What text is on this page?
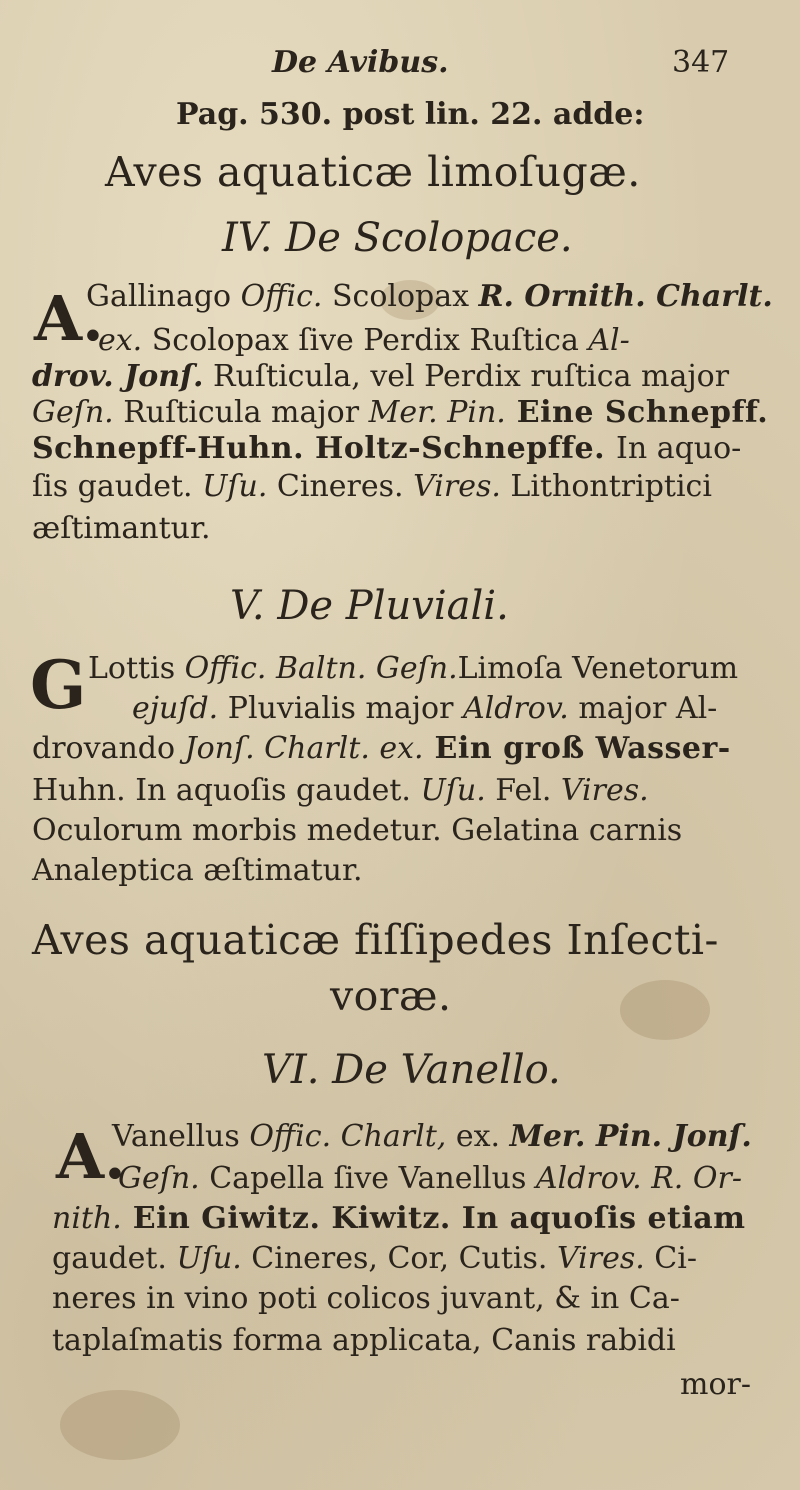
De Avibus.	347
Pag. 530. post lin. 22. adde:
Aves aquaticæ limoſugæ.
IV. De Scolopace.
A.
Gallinago Offic. Scolopax R. Ornith. Charlt.
ex. Scolopax ſive Perdix Ruſtica Al-
drov. Jonſ. Ruſticula, vel Perdix ruſtica major
Geſn. Ruſticula major Mer. Pin. Eine Schnepff.
Schnepff-Huhn. Holtz-Schnepffe. In aquo-
ſis gaudet. Uſu. Cineres. Vires. Lithontriptici
æſtimantur.
V. De Pluviali.
G Lottis Offic. Baltn. Geſn.Limoſa Venetorum
ejuſd. Pluvialis major Aldrov. major Al-
drovando Jonſ. Charlt. ex. Ein groß Wasser-
Huhn. In aquoſis gaudet. Uſu. Fel. Vires.
Oculorum morbis medetur. Gelatina carnis
Analeptica æſtimatur.
Aves aquaticæ fiſſipedes Inſecti-
voræ.
VI. De Vanello.
A.
Vanellus Offic. Charlt, ex. Mer. Pin. Jonſ.
Geſn. Capella ſive Vanellus Aldrov. R. Or-
nith. Ein Giwitz. Kiwitz. In aquoſis etiam
gaudet. Uſu. Cineres, Cor, Cutis. Vires. Ci-
neres in vino poti colicos juvant, & in Ca-
taplaſmatis forma applicata, Canis rabidi
mor-
